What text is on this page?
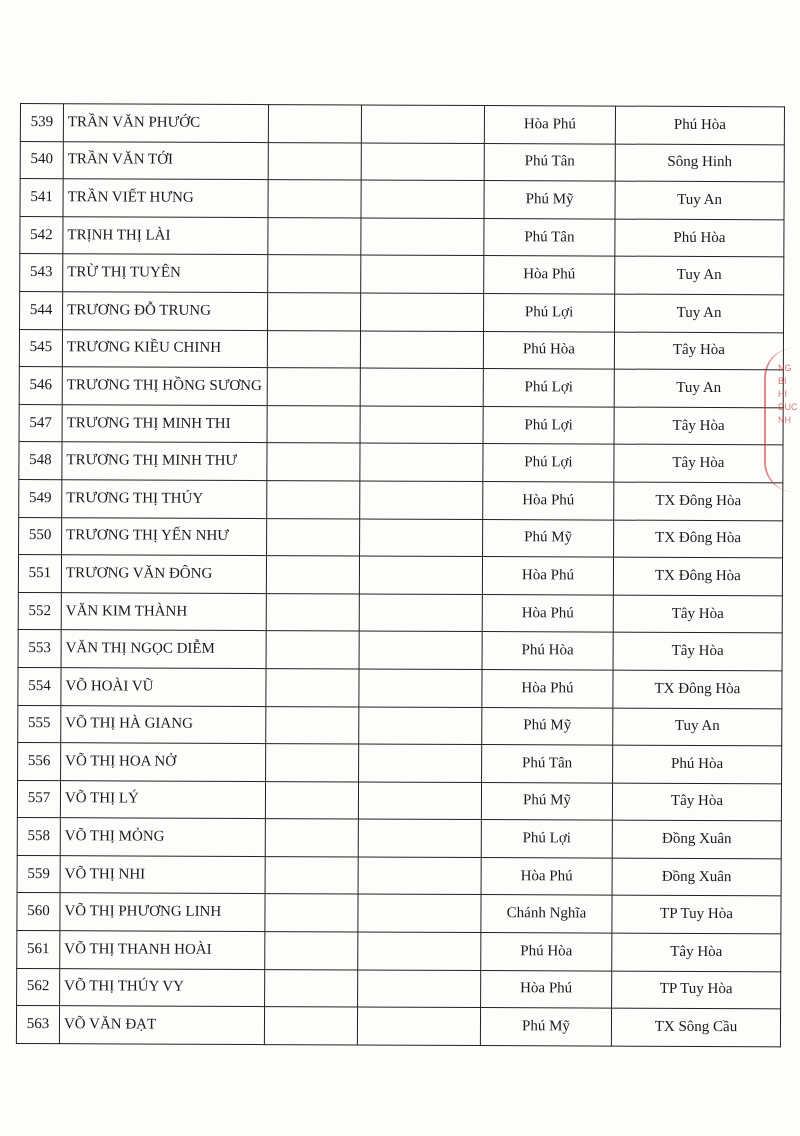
539	TRẦN VĂN PHƯỚC			Hòa Phú	Phú Hòa
540	TRẦN VĂN TỚI			Phú Tân	Sông Hinh
541	TRẦN VIẾT HƯNG			Phú Mỹ	Tuy An
542	TRỊNH THỊ LÀI			Phú Tân	Phú Hòa
543	TRỪ THỊ TUYÊN			Hòa Phú	Tuy An
544	TRƯƠNG ĐỖ TRUNG			Phú Lợi	Tuy An
545	TRƯƠNG KIỀU CHINH			Phú Hòa	Tây Hòa
546	TRƯƠNG THỊ HỒNG SƯƠNG			Phú Lợi	Tuy An
547	TRƯƠNG THỊ MINH THI			Phú Lợi	Tây Hòa
548	TRƯƠNG THỊ MINH THƯ			Phú Lợi	Tây Hòa
549	TRƯƠNG THỊ THÚY			Hòa Phú	TX Đông Hòa
550	TRƯƠNG THỊ YẾN NHƯ			Phú Mỹ	TX Đông Hòa
551	TRƯƠNG VĂN ĐÔNG			Hòa Phú	TX Đông Hòa
552	VĂN KIM THÀNH			Hòa Phú	Tây Hòa
553	VĂN THỊ NGỌC DIỄM			Phú Hòa	Tây Hòa
554	VÕ HOÀI VŨ			Hòa Phú	TX Đông Hòa
555	VÕ THỊ HÀ GIANG			Phú Mỹ	Tuy An
556	VÕ THỊ HOA NỞ			Phú Tân	Phú Hòa
557	VÕ THỊ LÝ			Phú Mỹ	Tây Hòa
558	VÕ THỊ MỎNG			Phú Lợi	Đồng Xuân
559	VÕ THỊ NHI			Hòa Phú	Đồng Xuân
560	VÕ THỊ PHƯƠNG LINH			Chánh Nghĩa	TP Tuy Hòa
561	VÕ THỊ THANH HOÀI			Phú Hòa	Tây Hòa
562	VÕ THỊ THÚY VY			Hòa Phú	TP Tuy Hòa
563	VÕ VĂN ĐẠT			Phú Mỹ	TX Sông Cầu
NG
BI
HI
DUC
NH
